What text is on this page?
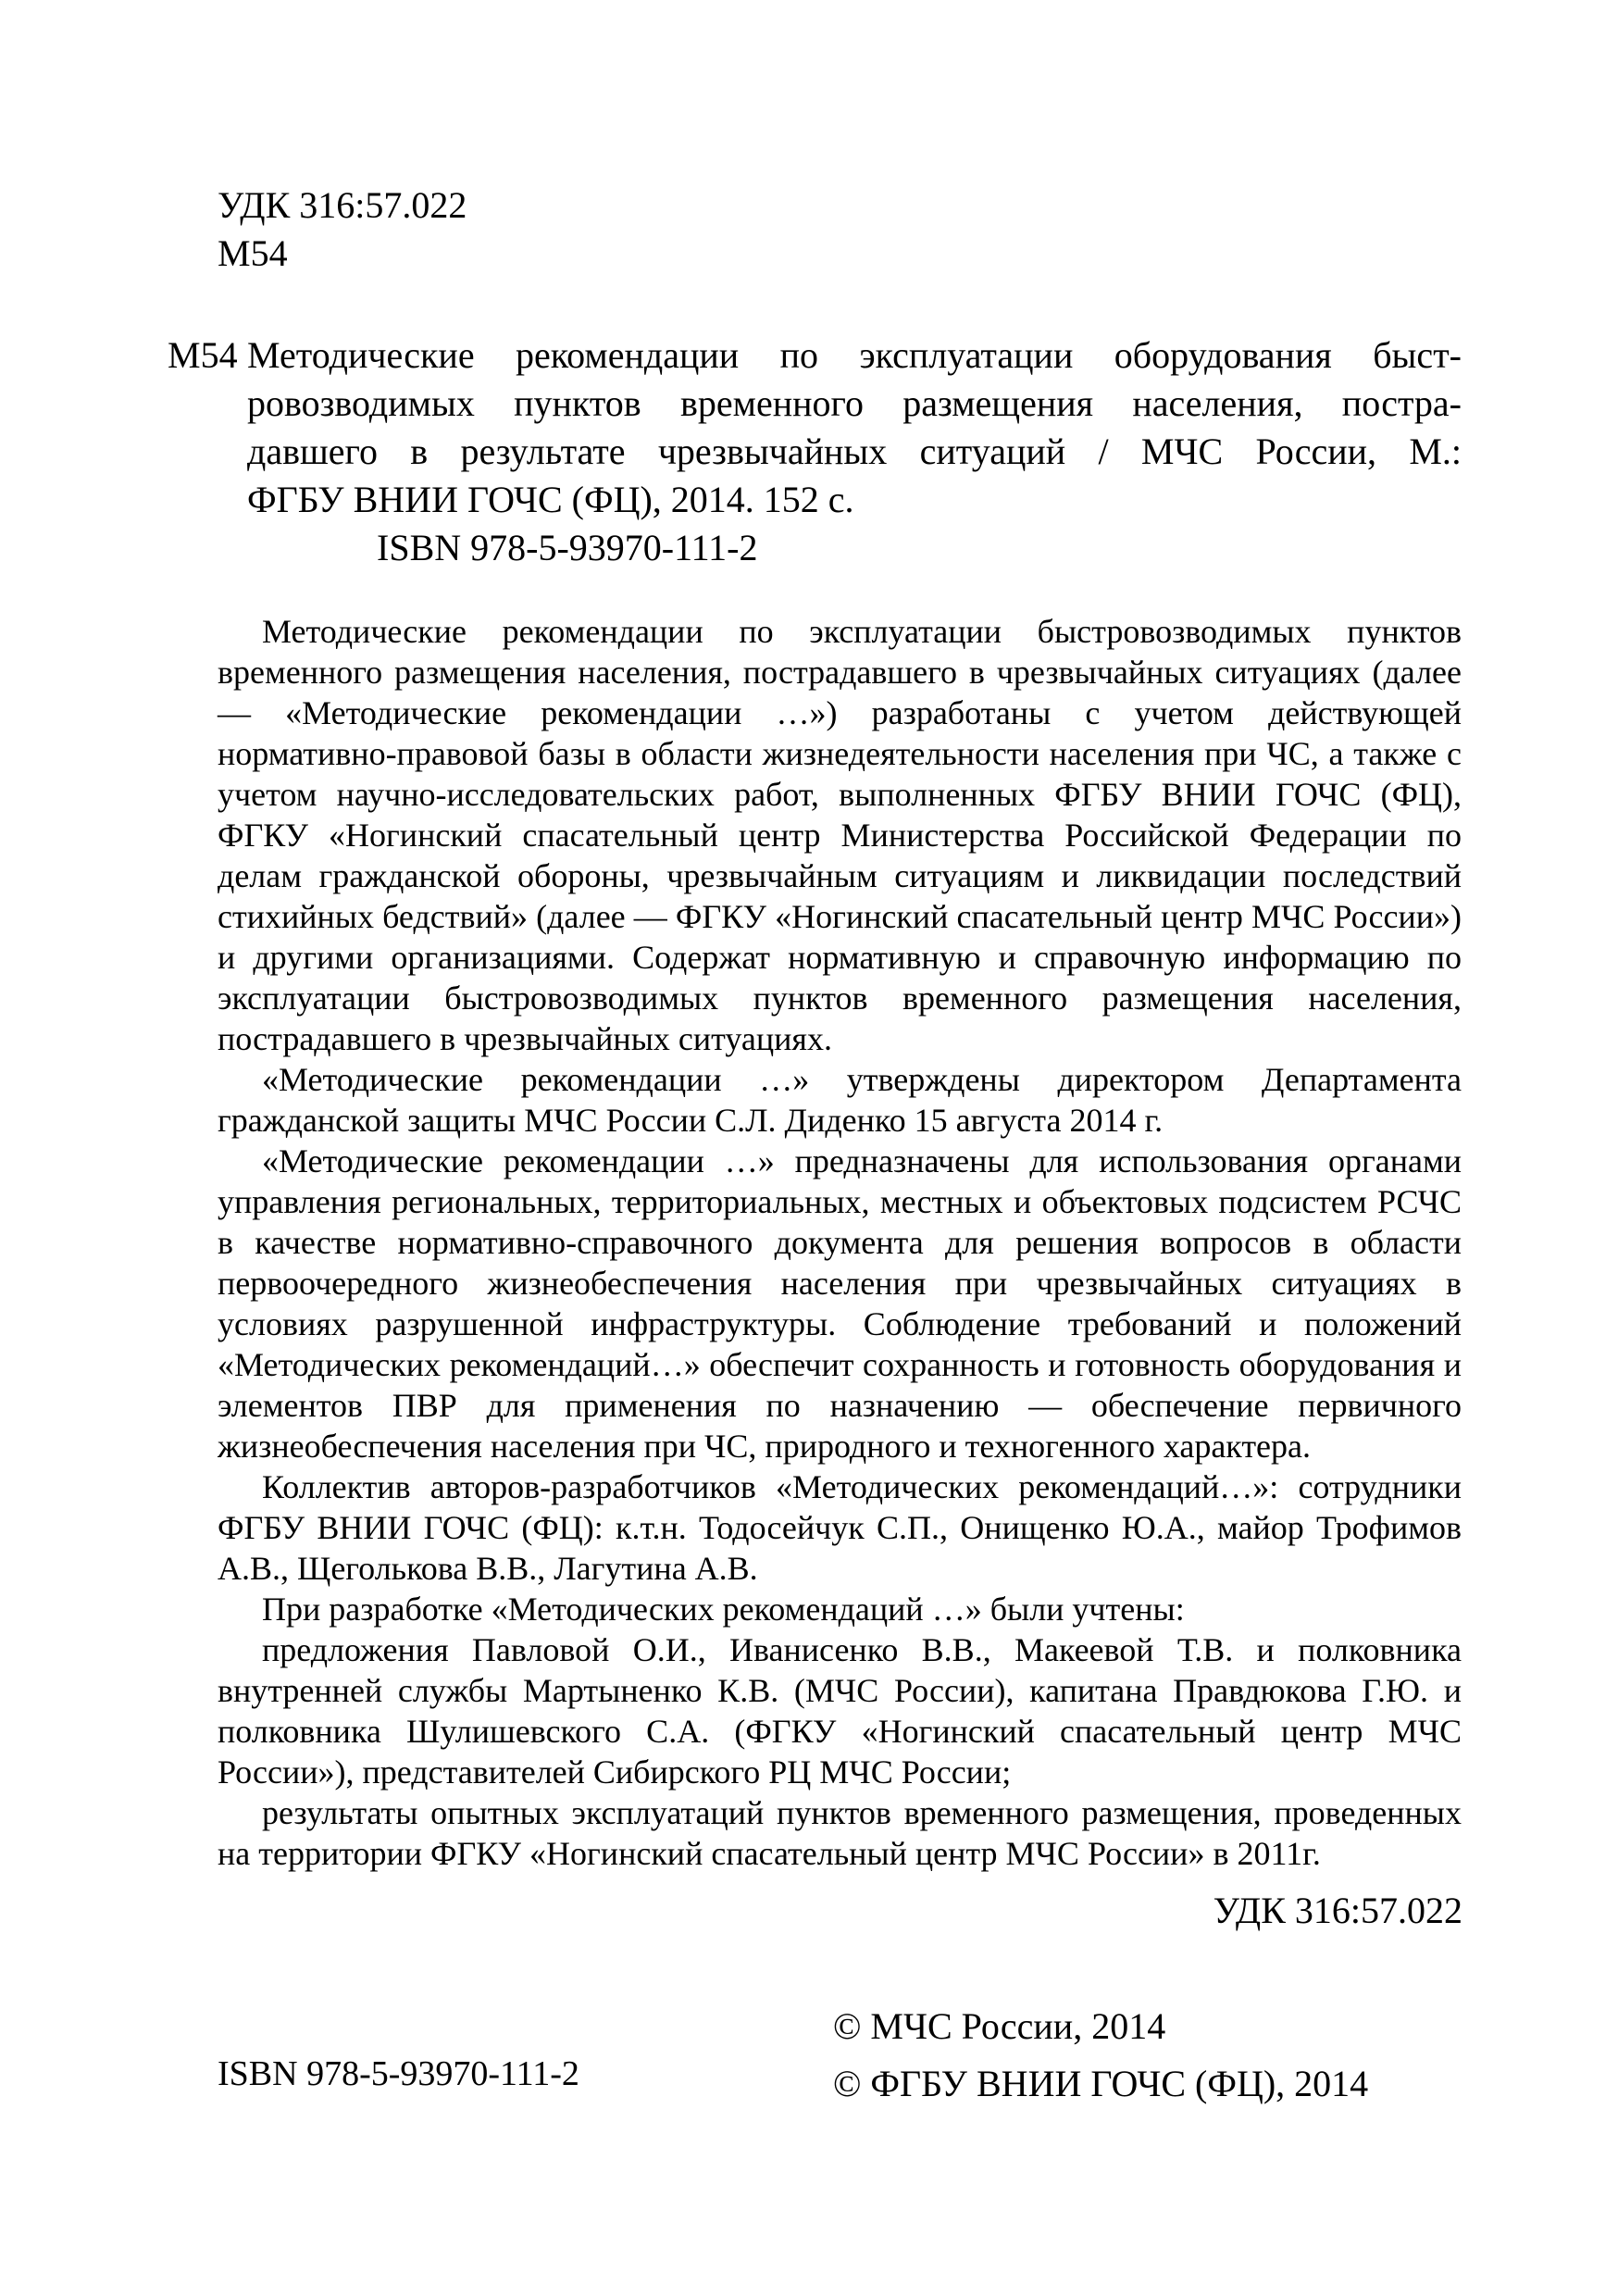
УДК 316:57.022
М54
М54 Методические рекомендации по эксплуатации оборудования быст-
ровозводимых пунктов временного размещения населения, постра-
давшего в результате чрезвычайных ситуаций / МЧС России, М.:
ФГБУ ВНИИ ГОЧС (ФЦ), 2014. 152 с.
ISBN 978-5-93970-111-2

Методические рекомендации по эксплуатации быстровозводимых пунктов временного размещения населения, пострадавшего в чрезвычайных ситуациях (далее — «Методические рекомендации …») разработаны с учетом действующей нормативно-правовой базы в области жизнедеятельности населения при ЧС, а также с учетом научно-исследовательских работ, выполненных ФГБУ ВНИИ ГОЧС (ФЦ), ФГКУ «Ногинский спасательный центр Министерства Российской Федерации по делам гражданской обороны, чрезвычайным ситуациям и ликвидации последствий стихийных бедствий» (далее — ФГКУ «Ногинский спасательный центр МЧС России») и другими организациями. Содержат нормативную и справочную информацию по эксплуатации быстровозводимых пунктов временного размещения населения, пострадавшего в чрезвычайных ситуациях.

«Методические рекомендации …» утверждены директором Департамента гражданской защиты МЧС России С.Л. Диденко 15 августа 2014 г.

«Методические рекомендации …» предназначены для использования органами управления региональных, территориальных, местных и объектовых подсистем РСЧС в качестве нормативно-справочного документа для решения вопросов в области первоочередного жизнеобеспечения населения при чрезвычайных ситуациях в условиях разрушенной инфраструктуры. Соблюдение требований и положений «Методических рекомендаций…» обеспечит сохранность и готовность оборудования и элементов ПВР для применения по назначению — обеспечение первичного жизнеобеспечения населения при ЧС, природного и техногенного характера.

Коллектив авторов-разработчиков «Методических рекомендаций…»: сотрудники ФГБУ ВНИИ ГОЧС (ФЦ): к.т.н. Тодосейчук С.П., Онищенко Ю.А., майор Трофимов А.В., Щеголькова В.В., Лагутина А.В.

При разработке «Методических рекомендаций …» были учтены:

предложения Павловой О.И., Иванисенко В.В., Макеевой Т.В. и полковника внутренней службы Мартыненко К.В. (МЧС России), капитана Правдюкова Г.Ю. и полковника Шулишевского С.А. (ФГКУ «Ногинский спасательный центр МЧС России»), представителей Сибирского РЦ МЧС России;

результаты опытных эксплуатаций пунктов временного размещения, проведенных на территории ФГКУ «Ногинский спасательный центр МЧС России» в 2011г.

УДК 316:57.022
ISBN 978-5-93970-111-2
© МЧС России, 2014
© ФГБУ ВНИИ ГОЧС (ФЦ), 2014
